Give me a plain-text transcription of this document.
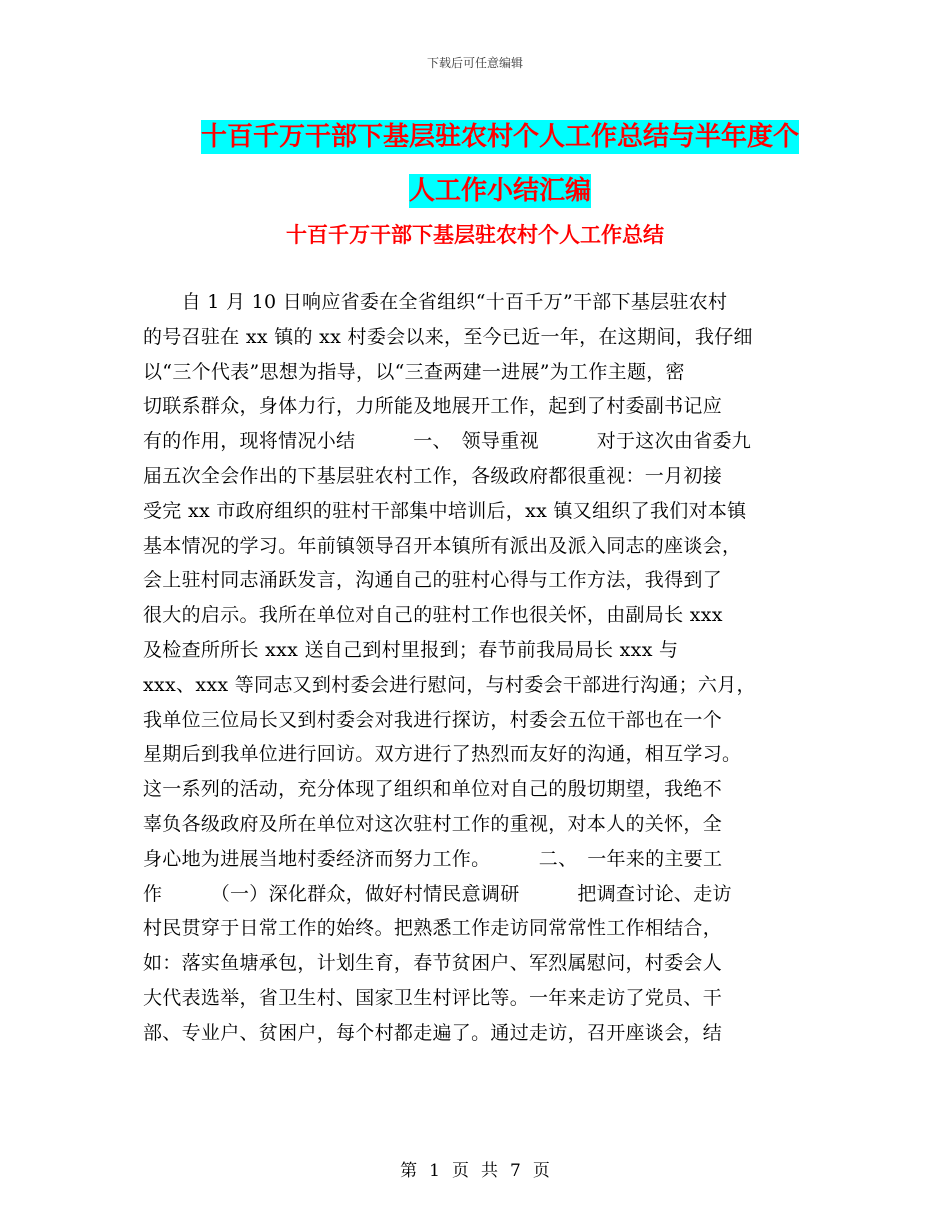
下载后可任意编辑
十百千万干部下基层驻农村个人工作总结与半年度个
人工作小结汇编
十百千万干部下基层驻农村个人工作总结
　　自 1 月 10 日响应省委在全省组织“十百千万”干部下基层驻农村
的号召驻在 xx 镇的 xx 村委会以来，至今已近一年，在这期间，我仔细
以“三个代表”思想为指导，以“三查两建一进展”为工作主题，密
切联系群众，身体力行，力所能及地展开工作，起到了村委副书记应
有的作用，现将情况小结　　　一、　领导重视　　　对于这次由省委九
届五次全会作出的下基层驻农村工作，各级政府都很重视：一月初接
受完 xx 市政府组织的驻村干部集中培训后，xx 镇又组织了我们对本镇
基本情况的学习。年前镇领导召开本镇所有派出及派入同志的座谈会，
会上驻村同志涌跃发言，沟通自己的驻村心得与工作方法，我得到了
很大的启示。我所在单位对自己的驻村工作也很关怀，由副局长 xxx
及检查所所长 xxx 送自己到村里报到；春节前我局局长 xxx 与
xxx、xxx 等同志又到村委会进行慰问，与村委会干部进行沟通；六月，
我单位三位局长又到村委会对我进行探访，村委会五位干部也在一个
星期后到我单位进行回访。双方进行了热烈而友好的沟通，相互学习。
这一系列的活动，充分体现了组织和单位对自己的殷切期望，我绝不
辜负各级政府及所在单位对这次驻村工作的重视，对本人的关怀，全
身心地为进展当地村委经济而努力工作。　　　二、　一年来的主要工
作　　　（一）深化群众，做好村情民意调研　　　把调查讨论、走访
村民贯穿于日常工作的始终。把熟悉工作走访同常常性工作相结合，
如：落实鱼塘承包，计划生育，春节贫困户、军烈属慰问，村委会人
大代表选举，省卫生村、国家卫生村评比等。一年来走访了党员、干
部、专业户、贫困户，每个村都走遍了。通过走访，召开座谈会，结
第 1 页 共 7 页
